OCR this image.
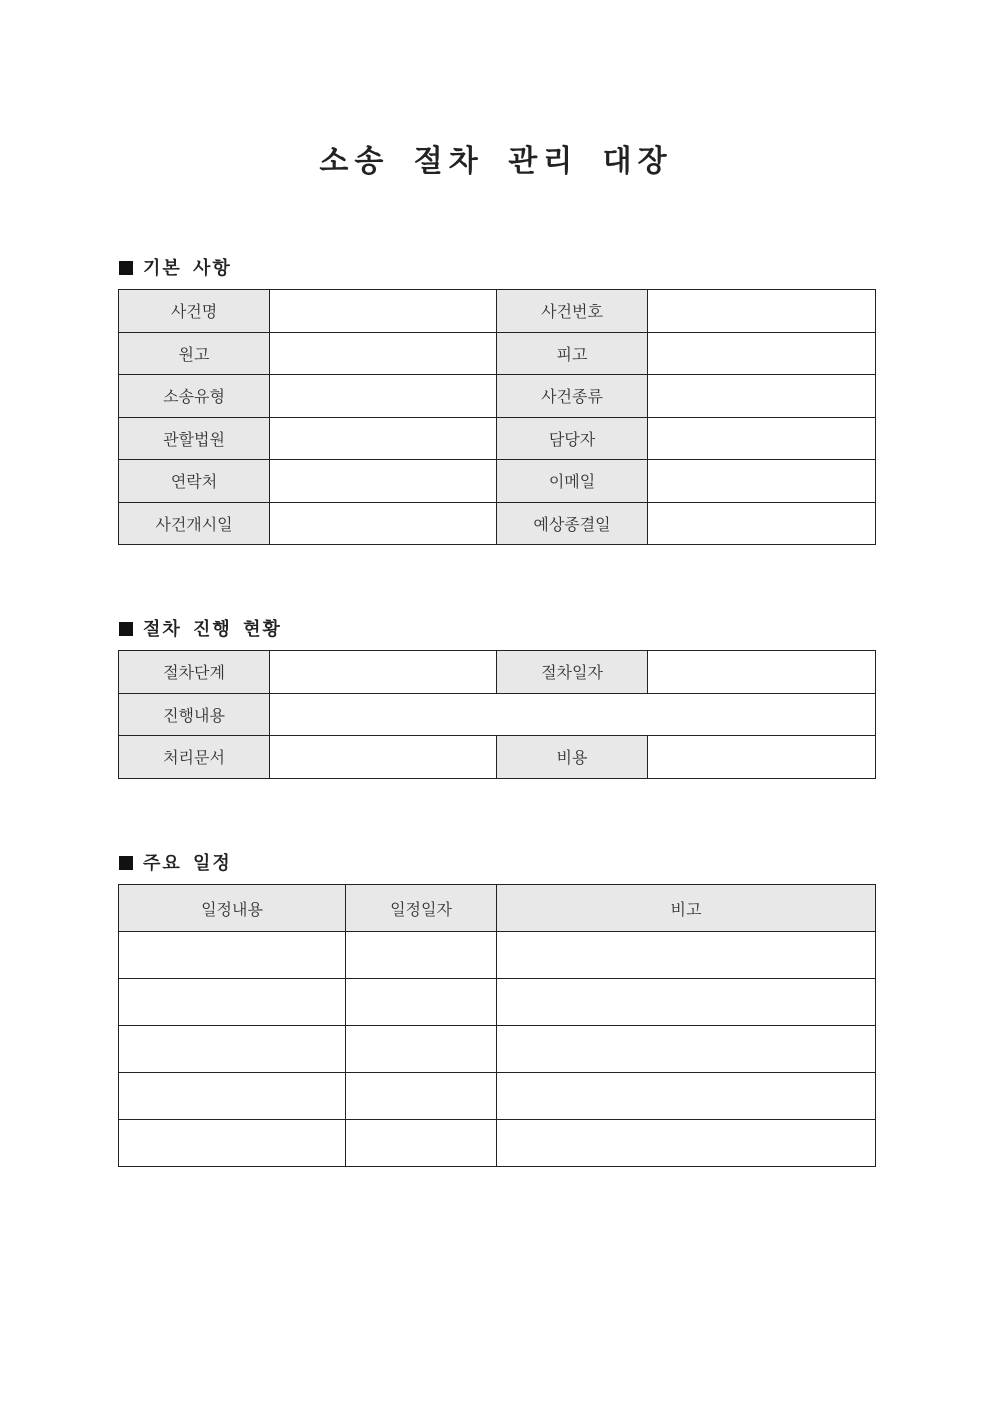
소송 절차 관리 대장
기본 사항
사건명		사건번호	
원고		피고	
소송유형		사건종류	
관할법원		담당자	
연락처		이메일	
사건개시일		예상종결일	
절차 진행 현황
절차단계		절차일자	
진행내용			
처리문서		비용	
주요 일정
일정내용	일정일자	비고
